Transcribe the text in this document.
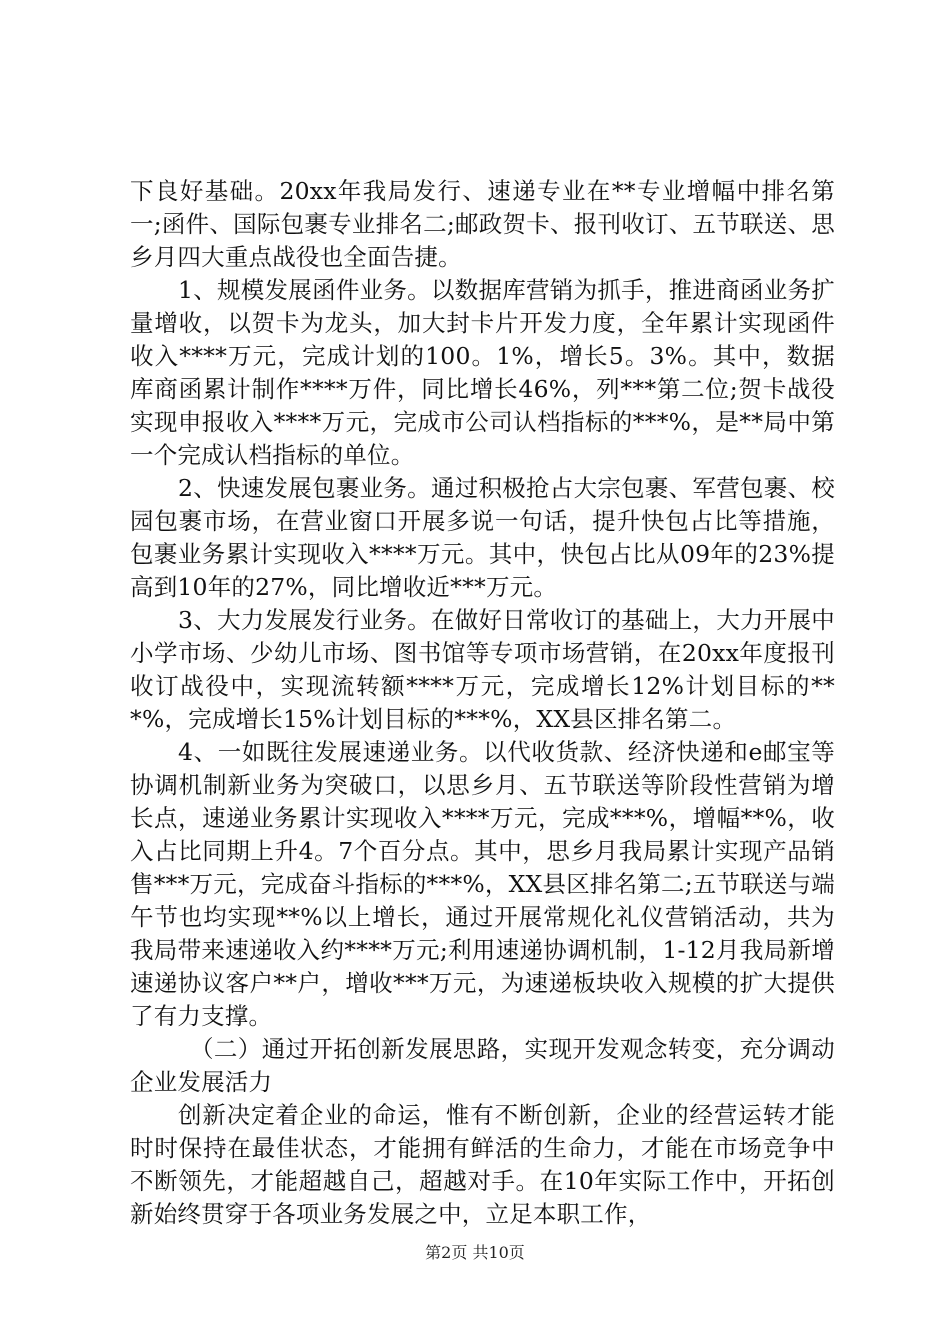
下良好基础。20xx年我局发行、速递专业在**专业增幅中排名第一;函件、国际包裹专业排名二;邮政贺卡、报刊收订、五节联送、思乡月四大重点战役也全面告捷。

1、规模发展函件业务。以数据库营销为抓手，推进商函业务扩量增收，以贺卡为龙头，加大封卡片开发力度，全年累计实现函件收入****万元，完成计划的100。1%，增长5。3%。其中，数据库商函累计制作****万件，同比增长46%，列***第二位;贺卡战役实现申报收入****万元，完成市公司认档指标的***%，是**局中第一个完成认档指标的单位。

2、快速发展包裹业务。通过积极抢占大宗包裹、军营包裹、校园包裹市场，在营业窗口开展多说一句话，提升快包占比等措施，包裹业务累计实现收入****万元。其中，快包占比从09年的23%提高到10年的27%，同比增收近***万元。

3、大力发展发行业务。在做好日常收订的基础上，大力开展中小学市场、少幼儿市场、图书馆等专项市场营销，在20xx年度报刊收订战役中，实现流转额****万元，完成增长12%计划目标的***%，完成增长15%计划目标的***%，XX县区排名第二。

4、一如既往发展速递业务。以代收货款、经济快递和e邮宝等协调机制新业务为突破口，以思乡月、五节联送等阶段性营销为增长点，速递业务累计实现收入****万元，完成***%，增幅**%，收入占比同期上升4。7个百分点。其中，思乡月我局累计实现产品销售***万元，完成奋斗指标的***%，XX县区排名第二;五节联送与端午节也均实现**%以上增长，通过开展常规化礼仪营销活动，共为我局带来速递收入约****万元;利用速递协调机制，1-12月我局新增速递协议客户**户，增收***万元，为速递板块收入规模的扩大提供了有力支撑。

（二）通过开拓创新发展思路，实现开发观念转变，充分调动企业发展活力

创新决定着企业的命运，惟有不断创新，企业的经营运转才能时时保持在最佳状态，才能拥有鲜活的生命力，才能在市场竞争中不断领先，才能超越自己，超越对手。在10年实际工作中，开拓创新始终贯穿于各项业务发展之中，立足本职工作，

第2页 共10页
